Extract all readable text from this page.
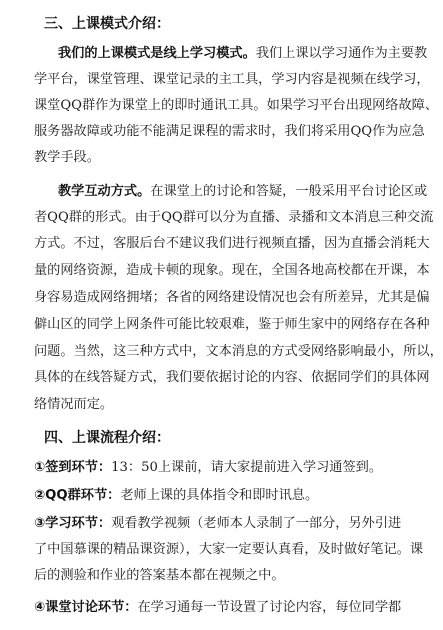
三、上课模式介绍：
我们的上课模式是线上学习模式。我们上课以学习通作为主要教
学平台，课堂管理、课堂记录的主工具，学习内容是视频在线学习，
课堂QQ群作为课堂上的即时通讯工具。如果学习平台出现网络故障、
服务器故障或功能不能满足课程的需求时，我们将采用QQ作为应急
教学手段。
教学互动方式。在课堂上的讨论和答疑，一般采用平台讨论区或
者QQ群的形式。由于QQ群可以分为直播、录播和文本消息三种交流
方式。不过，客服后台不建议我们进行视频直播，因为直播会消耗大
量的网络资源，造成卡顿的现象。现在，全国各地高校都在开课，本
身容易造成网络拥堵；各省的网络建设情况也会有所差异，尤其是偏
僻山区的同学上网条件可能比较艰难，鉴于师生家中的网络存在各种
问题。当然，这三种方式中，文本消息的方式受网络影响最小，所以，
具体的在线答疑方式，我们要依据讨论的内容、依据同学们的具体网
络情况而定。
四、上课流程介绍：
①签到环节：13：50上课前，请大家提前进入学习通签到。
②QQ群环节：老师上课的具体指令和即时讯息。
③学习环节：观看教学视频（老师本人录制了一部分，另外引进
了中国慕课的精品课资源），大家一定要认真看，及时做好笔记。课
后的测验和作业的答案基本都在视频之中。
④课堂讨论环节：在学习通每一节设置了讨论内容，每位同学都
